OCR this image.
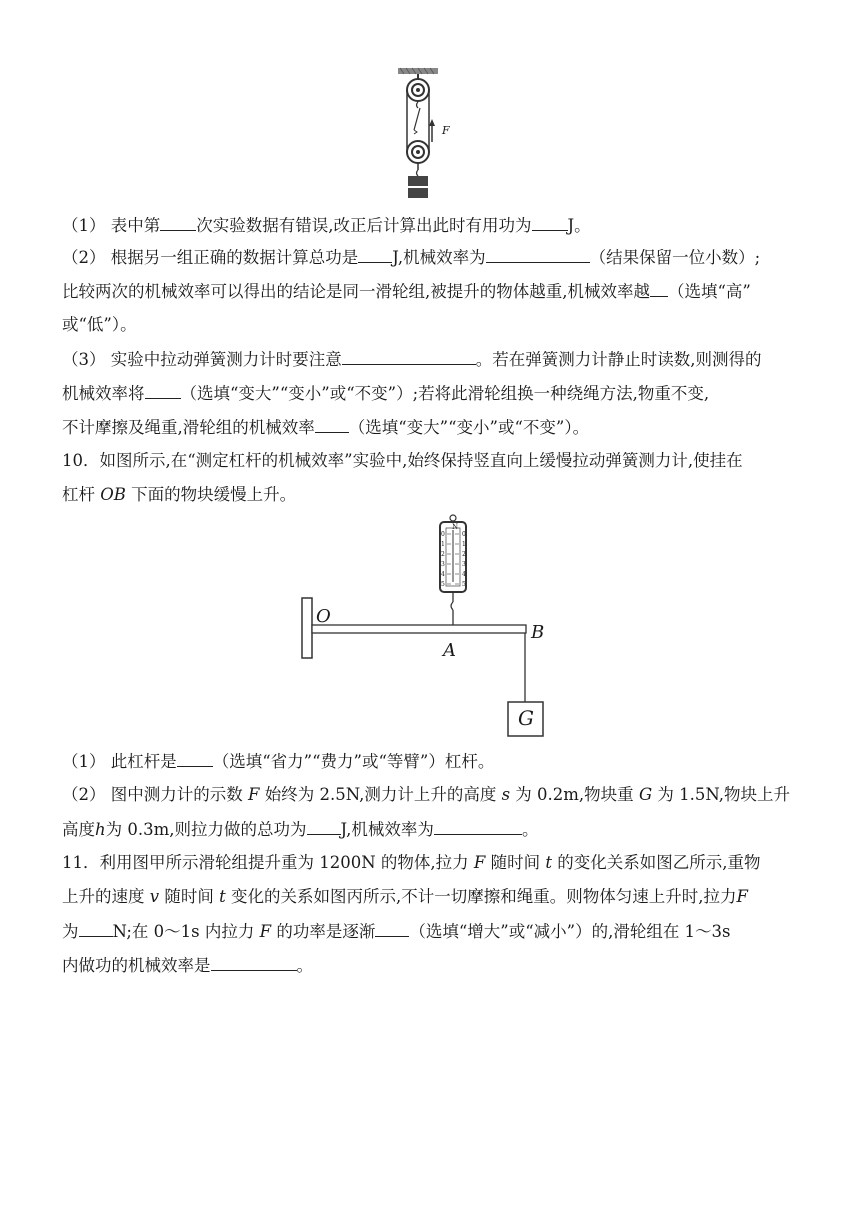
F
（1） 表中第 次实验数据有错误,改正后计算出此时有用功为 J。
（2） 根据另一组正确的数据计算总功是 J,机械效率为	（结果保留一位小数）;
比较两次的机械效率可以得出的结论是同一滑轮组,被提升的物体越重,机械效率越 （选填“高”
或“低”）。
（3） 实验中拉动弹簧测力计时要注意	。若在弹簧测力计静止时读数,则测得的
机械效率将 （选填“变大”“变小”或“不变”）;若将此滑轮组换一种绕绳方法,物重不变,
不计摩擦及绳重,滑轮组的机械效率 （选填“变大”“变小”或“不变”）。
10．如图所示,在“测定杠杆的机械效率”实验中,始终保持竖直向上缓慢拉动弹簧测力计,使挂在
杠杆 OB 下面的物块缓慢上升。
O
A
B
G
N
0
1
2
3
4
5
0
1
2
3
4
5
（1） 此杠杆是 （选填“省力”“费力”或“等臂”）杠杆。
（2） 图中测力计的示数 F 始终为 2.5N,测力计上升的高度 s 为 0.2m,物块重 G 为 1.5N,物块上升
高度h为 0.3m,则拉力做的总功为 J,机械效率为	。
11．利用图甲所示滑轮组提升重为 1200N 的物体,拉力 F 随时间 t 的变化关系如图乙所示,重物
上升的速度 v 随时间 t 变化的关系如图丙所示,不计一切摩擦和绳重。则物体匀速上升时,拉力F
为 N;在 0～1s 内拉力 F 的功率是逐渐 （选填“增大”或“减小”）的,滑轮组在 1～3s
内做功的机械效率是	。
